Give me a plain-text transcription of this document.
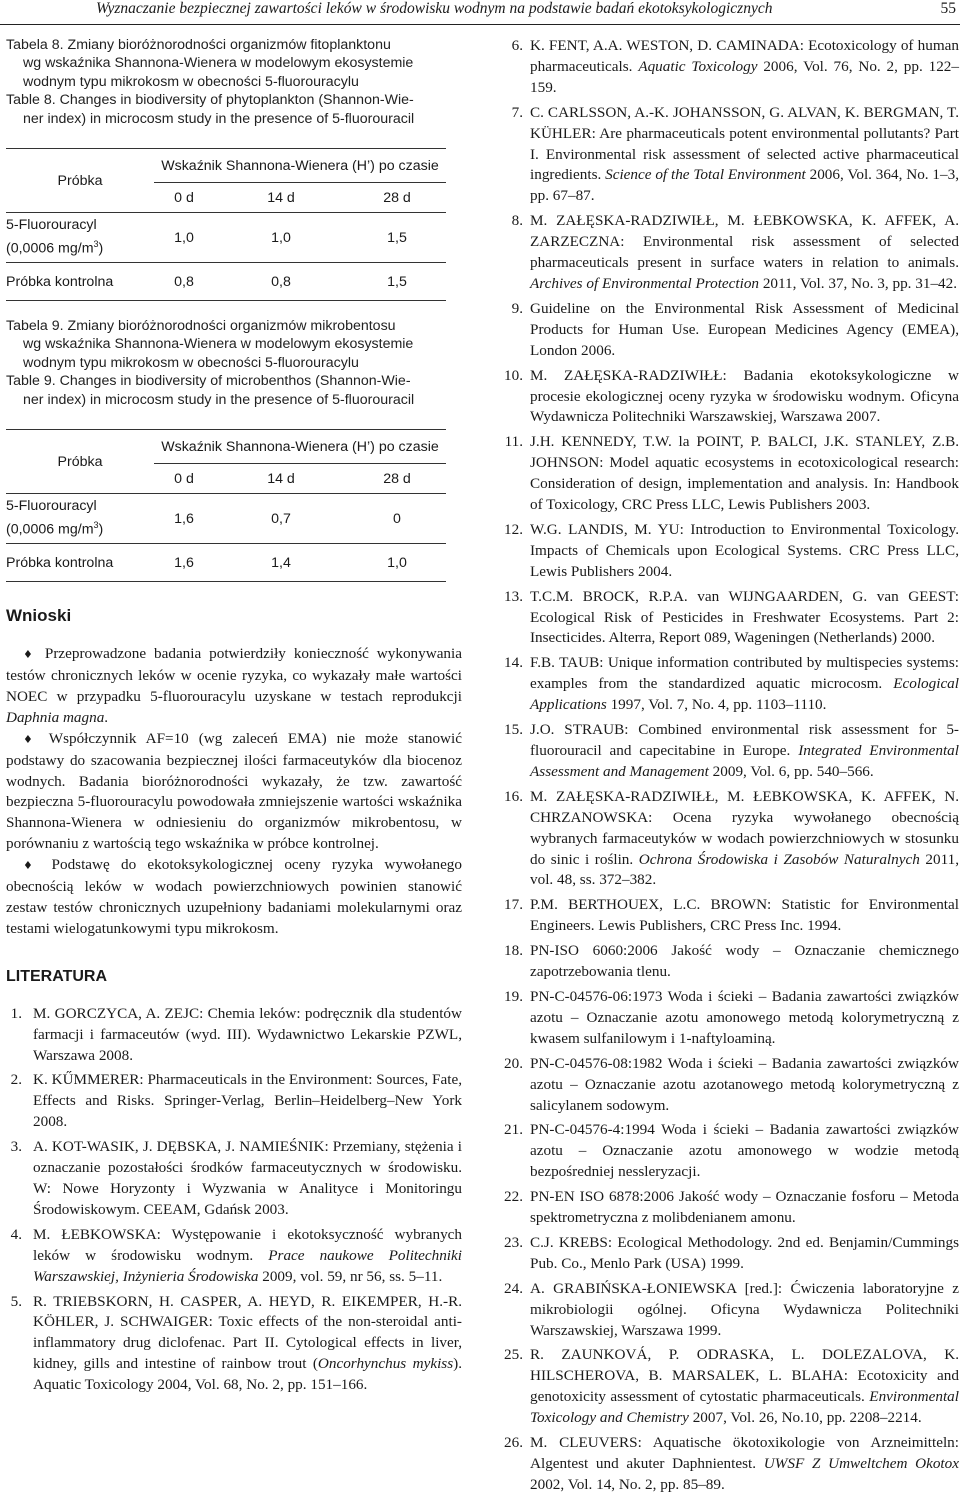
Wyznaczanie bezpiecznej zawartości leków w środowisku wodnym na podstawie badań ekotoksykologicznych	55
Tabela 8. Zmiany bioróżnorodności organizmów fitoplanktonu
wg wskaźnika Shannona-Wienera w modelowym ekosystemie
wodnym typu mikrokosm w obecności 5-fluorouracylu
Table 8. Changes in biodiversity of phytoplankton (Shannon-Wie-
ner index) in microcosm study in the presence of 5-fluorouracil
Próbka	Wskaźnik Shannona-Wienera (H’) po czasie		
	0 d	14 d	28 d
5-Fluorouracyl
(0,0006 $mg/m^3$)	1,0	1,0	1,5
Próbka kontrolna	0,8	0,8	1,5
Tabela 9. Zmiany bioróżnorodności organizmów mikrobentosu
wg wskaźnika Shannona-Wienera w modelowym ekosystemie
wodnym typu mikrokosm w obecności 5-fluorouracylu
Table 9. Changes in biodiversity of microbenthos (Shannon-Wie-
ner index) in microcosm study in the presence of 5-fluorouracil
Próbka	Wskaźnik Shannona-Wienera (H’) po czasie		
	0 d	14 d	28 d
5-Fluorouracyl
(0,0006 $mg/m^3$)	1,6	0,7	0
Próbka kontrolna	1,6	1,4	1,0
Wnioski

♦ Przeprowadzone badania potwierdziły konieczność wykonywania testów chronicznych leków w ocenie ryzyka, co wykazały małe wartości NOEC w przypadku 5-fluorouracylu uzyskane w testach reprodukcji Daphnia magna.

♦ Współczynnik AF=10 (wg zaleceń EMA) nie może stanowić podstawy do szacowania bezpiecznej ilości farmaceutyków dla biocenoz wodnych. Badania bioróżnorodności wykazały, że tzw. zawartość bezpieczna 5-fluorouracylu powodowała zmniejszenie wartości wskaźnika Shannona-Wienera w odniesieniu do organizmów mikrobentosu, w porównaniu z wartością tego wskaźnika w próbce kontrolnej.

♦ Podstawę do ekotoksykologicznej oceny ryzyka wywołanego obecnością leków w wodach powierzchniowych powinien stanowić zestaw testów chronicznych uzupełniony badaniami molekularnymi oraz testami wielogatunkowymi typu mikrokosm.

LITERATURA

1. M. GORCZYCA, A. ZEJC: Chemia leków: podręcznik dla studentów farmacji i farmaceutów (wyd. III). Wydawnictwo Lekarskie PZWL, Warszawa 2008.

2. K. KŰMMERER: Pharmaceuticals in the Environment: Sources, Fate, Effects and Risks. Springer-Verlag, Berlin–Heidelberg–New York 2008.

3. A. KOT-WASIK, J. DĘBSKA, J. NAMIEŚNIK: Przemiany, stężenia i oznaczanie pozostałości środków farmaceutycznych w środowisku. W: Nowe Horyzonty i Wyzwania w Analityce i Monitoringu Środowiskowym. CEEAM, Gdańsk 2003.

4. M. ŁEBKOWSKA: Występowanie i ekotoksyczność wybranych leków w środowisku wodnym. Prace naukowe Politechniki Warszawskiej, Inżynieria Środowiska 2009, vol. 59, nr 56, ss. 5–11.

5. R. TRIEBSKORN, H. CASPER, A. HEYD, R. EIKEMPER, H.-R. KÖHLER, J. SCHWAIGER: Toxic effects of the non-steroidal anti-inflammatory drug diclofenac. Part II. Cytological effects in liver, kidney, gills and intestine of rainbow trout (Oncorhynchus mykiss). Aquatic Toxicology 2004, Vol. 68, No. 2, pp. 151–166.

6. K. FENT, A.A. WESTON, D. CAMINADA: Ecotoxicology of human pharmaceuticals. Aquatic Toxicology 2006, Vol. 76, No. 2, pp. 122–159.

7. C. CARLSSON, A.-K. JOHANSSON, G. ALVAN, K. BERGMAN, T. KÜHLER: Are pharmaceuticals potent environmental pollutants? Part I. Environmental risk assessment of selected active pharmaceutical ingredients. Science of the Total Environment 2006, Vol. 364, No. 1–3, pp. 67–87.

8. M. ZAŁĘSKA-RADZIWIŁŁ, M. ŁEBKOWSKA, K. AFFEK, A. ZARZECZNA: Environmental risk assessment of selected pharmaceuticals present in surface waters in relation to animals. Archives of Environmental Protection 2011, Vol. 37, No. 3, pp. 31–42.

9. Guideline on the Environmental Risk Assessment of Medicinal Products for Human Use. European Medicines Agency (EMEA), London 2006.

10. M. ZAŁĘSKA-RADZIWIŁŁ: Badania ekotoksykologiczne w procesie ekologicznej oceny ryzyka w środowisku wodnym. Oficyna Wydawnicza Politechniki Warszawskiej, Warszawa 2007.

11. J.H. KENNEDY, T.W. la POINT, P. BALCI, J.K. STANLEY, Z.B. JOHNSON: Model aquatic ecosystems in ecotoxicological research: Consideration of design, implementation and analysis. In: Handbook of Toxicology, CRC Press LLC, Lewis Publishers 2003.

12. W.G. LANDIS, M. YU: Introduction to Environmental Toxicology. Impacts of Chemicals upon Ecological Systems. CRC Press LLC, Lewis Publishers 2004.

13. T.C.M. BROCK, R.P.A. van WIJNGAARDEN, G. van GEEST: Ecological Risk of Pesticides in Freshwater Ecosystems. Part 2: Insecticides. Alterra, Report 089, Wageningen (Netherlands) 2000.

14. F.B. TAUB: Unique information contributed by multispecies systems: examples from the standardized aquatic microcosm. Ecological Applications 1997, Vol. 7, No. 4, pp. 1103–1110.

15. J.O. STRAUB: Combined environmental risk assessment for 5-fluorouracil and capecitabine in Europe. Integrated Environmental Assessment and Management 2009, Vol. 6, pp. 540–566.

16. M. ZAŁĘSKA-RADZIWIŁŁ, M. ŁEBKOWSKA, K. AFFEK, N. CHRZANOWSKA: Ocena ryzyka wywołanego obecnością wybranych farmaceutyków w wodach powierzchniowych w stosunku do sinic i roślin. Ochrona Środowiska i Zasobów Naturalnych 2011, vol. 48, ss. 372–382.

17. P.M. BERTHOUEX, L.C. BROWN: Statistic for Environmental Engineers. Lewis Publishers, CRC Press Inc. 1994.

18. PN-ISO 6060:2006 Jakość wody – Oznaczanie chemicznego zapotrzebowania tlenu.

19. PN-C-04576-06:1973 Woda i ścieki – Badania zawartości związków azotu – Oznaczanie azotu amonowego metodą kolorymetryczną z kwasem sulfanilowym i 1-naftyloaminą.

20. PN-C-04576-08:1982 Woda i ścieki – Badania zawartości związków azotu – Oznaczanie azotu azotanowego metodą kolorymetryczną z salicylanem sodowym.

21. PN-C-04576-4:1994 Woda i ścieki – Badania zawartości związków azotu – Oznaczanie azotu amonowego w wodzie metodą bezpośredniej nessleryzacji.

22. PN-EN ISO 6878:2006 Jakość wody – Oznaczanie fosforu – Metoda spektrometryczna z molibdenianem amonu.

23. C.J. KREBS: Ecological Methodology. 2nd ed. Benjamin/Cummings Pub. Co., Menlo Park (USA) 1999.

24. A. GRABIŃSKA-ŁONIEWSKA [red.]: Ćwiczenia laboratoryjne z mikrobiologii ogólnej. Oficyna Wydawnicza Politechniki Warszawskiej, Warszawa 1999.

25. R. ZAUNKOVÁ, P. ODRASKA, L. DOLEZALOVA, K. HILSCHEROVA, B. MARSALEK, L. BLAHA: Ecotoxicity and genotoxicity assessment of cytostatic pharmaceuticals. Environmental Toxicology and Chemistry 2007, Vol. 26, No.10, pp. 2208–2214.

26. M. CLEUVERS: Aquatische ökotoxikologie von Arzneimitteln: Algentest und akuter Daphnientest. UWSF Z Umweltchem Okotox 2002, Vol. 14, No. 2, pp. 85–89.
